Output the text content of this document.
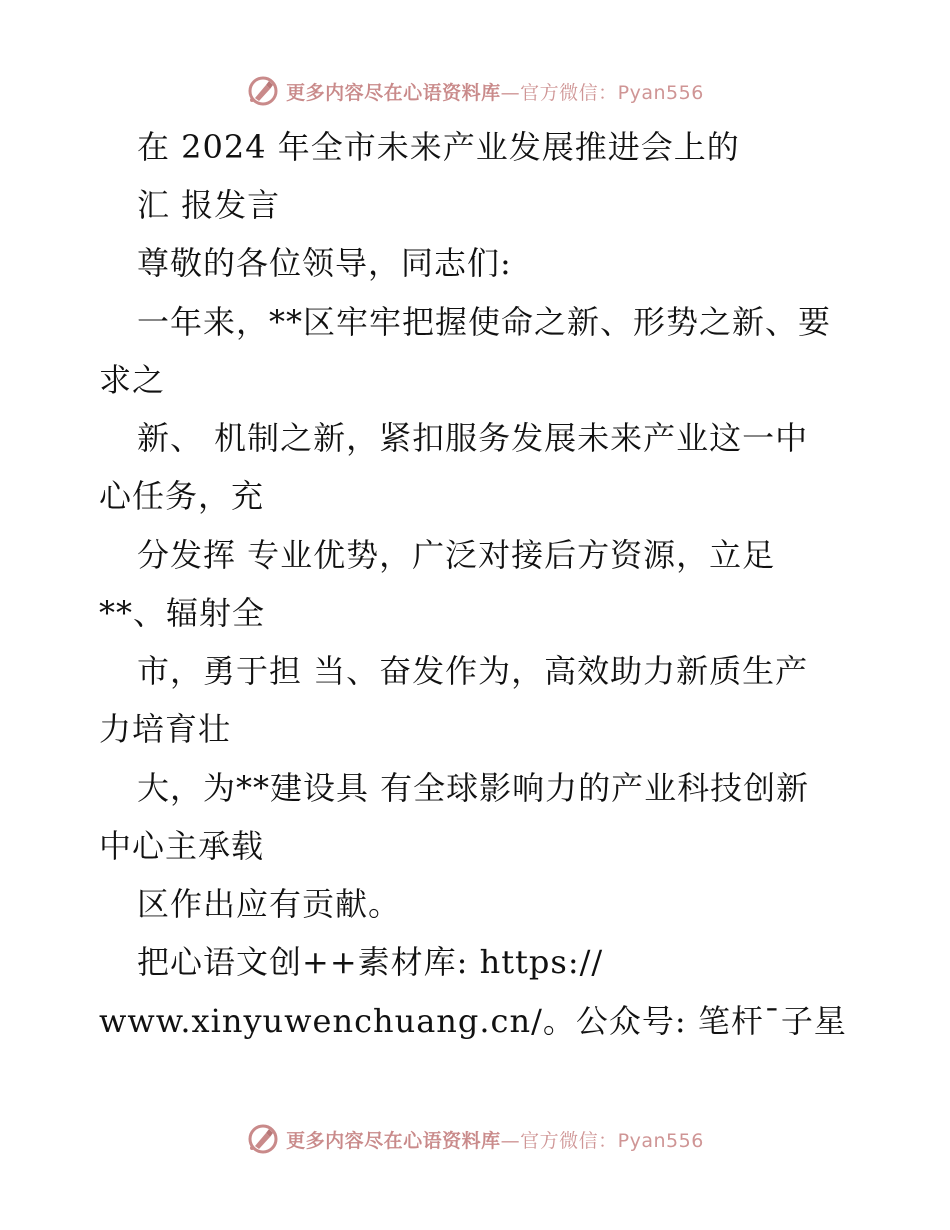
更多内容尽在心语资料库—官方微信：Pyan556
在 2024 年全市未来产业发展推进会上的
汇 报发言
尊敬的各位领导，同志们:
一年来，**区牢牢把握使命之新、形势之新、要
求之
新、 机制之新，紧扣服务发展未来产业这一中
心任务，充
分发挥 专业优势，广泛对接后方资源，立足
**、辐射全
市，勇于担 当、奋发作为，高效助力新质生产
力培育壮
大，为**建设具 有全球影响力的产业科技创新
中心主承载
区作出应有贡献。
把心语文创++素材库: https://
www.xinyuwenchuang.cn/。公众号: 笔杆¯子星
更多内容尽在心语资料库—官方微信：Pyan556
